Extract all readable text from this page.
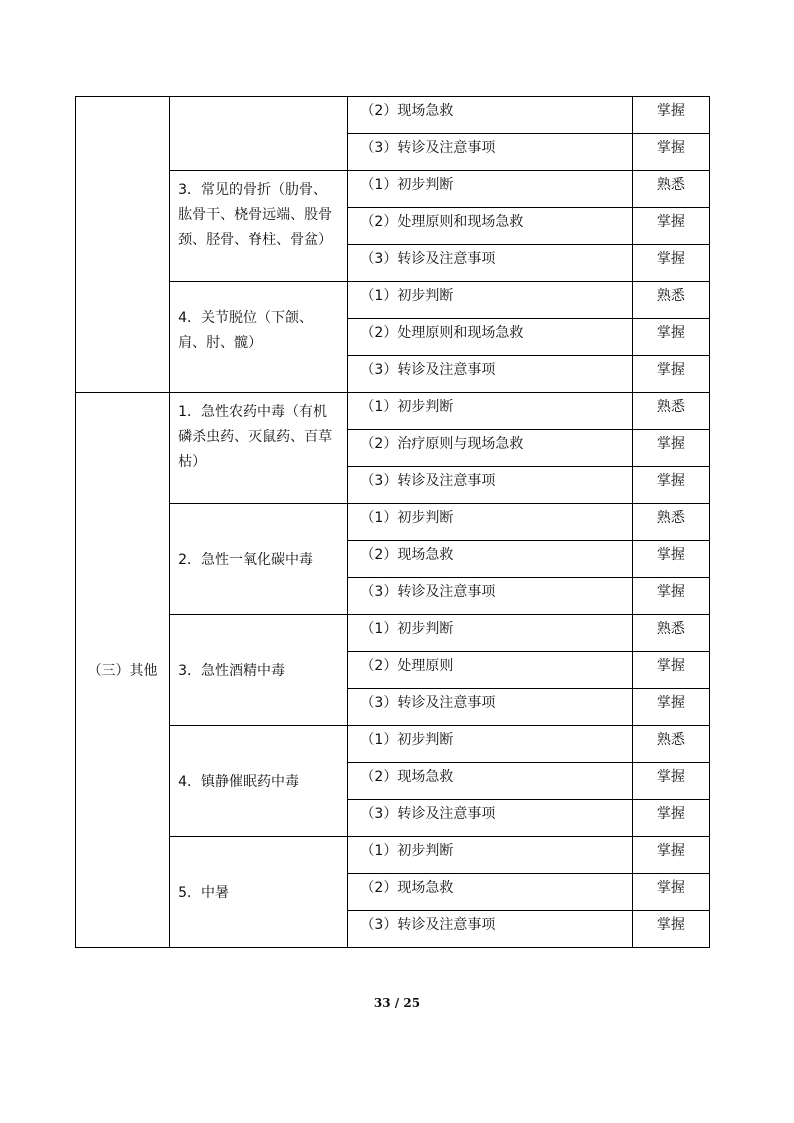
		（2）现场急救	掌握
		（3）转诊及注意事项	掌握
	3．常见的骨折（肋骨、肱骨干、桡骨远端、股骨颈、胫骨、脊柱、骨盆）	（1）初步判断	熟悉
		（2）处理原则和现场急救	掌握
		（3）转诊及注意事项	掌握
	4．关节脱位（下颌、肩、肘、髋）	（1）初步判断	熟悉
		（2）处理原则和现场急救	掌握
		（3）转诊及注意事项	掌握
（三）其他	1．急性农药中毒（有机磷杀虫药、灭鼠药、百草枯）	（1）初步判断	熟悉
		（2）治疗原则与现场急救	掌握
		（3）转诊及注意事项	掌握
	2．急性一氧化碳中毒	（1）初步判断	熟悉
		（2）现场急救	掌握
		（3）转诊及注意事项	掌握
	3．急性酒精中毒	（1）初步判断	熟悉
		（2）处理原则	掌握
		（3）转诊及注意事项	掌握
	4．镇静催眠药中毒	（1）初步判断	熟悉
		（2）现场急救	掌握
		（3）转诊及注意事项	掌握
	5．中暑	（1）初步判断	掌握
		（2）现场急救	掌握
		（3）转诊及注意事项	掌握
33 / 25
